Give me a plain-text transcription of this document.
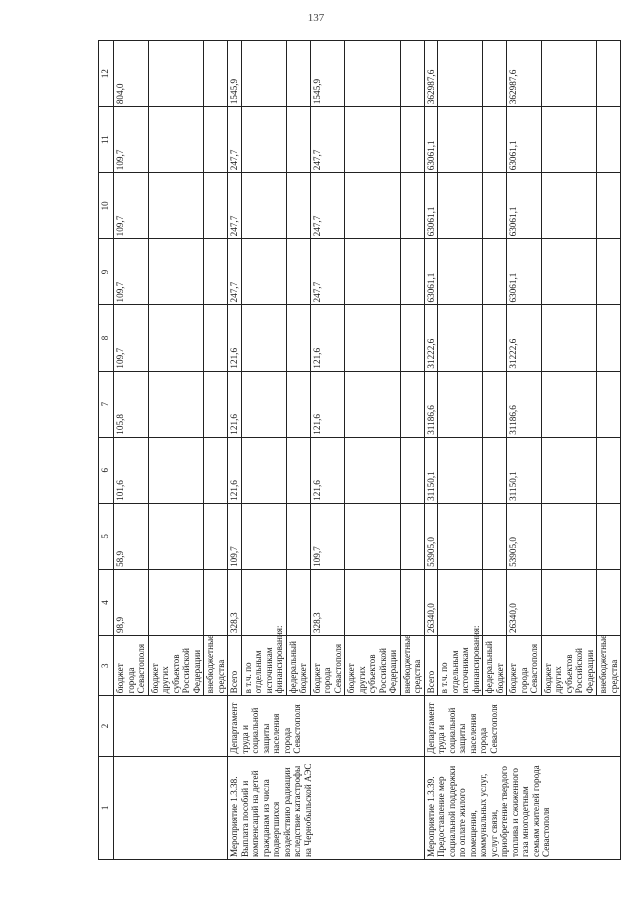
137
1	2	3	4	5	6	7	8	9	10	11	12
		бюджет города Севастополя	98,9	58,9	101,6	105,8	109,7	109,7	109,7	109,7	804,0
		бюджет других субъектов Российской Федерации									
		внебюджетные средства									
Мероприятие 1.3.38. Выплата пособий и компенсаций на детей гражданам из числа подвергшихся воздействию радиации вследствие катастрофы на Чернобыльской АЭС	Департамент труда и социальной защиты населения города Севастополя	Всего	328,3	109,7	121,6	121,6	121,6	247,7	247,7	247,7	1545,9
		в т.ч. по отдельным источникам финансирования:									
		федеральный бюджет									
		бюджет города Севастополя	328,3	109,7	121,6	121,6	121,6	247,7	247,7	247,7	1545,9
		бюджет других субъектов Российской Федерации									
		внебюджетные средства									
Мероприятие 1.3.39. Предоставление мер социальной поддержки по оплате жилого помещения, коммунальных услуг, услуг связи, приобретение твердого топлива и сжиженного газа многодетным семьям жителей города Севастополя	Департамент труда и социальной защиты населения города Севастополя	Всего	26340,0	53905,0	31150,1	31186,6	31222,6	63061,1	63061,1	63061,1	362987,6
		в т.ч. по отдельным источникам финансирования:									
		федеральный бюджет									
		бюджет города Севастополя	26340,0	53905,0	31150,1	31186,6	31222,6	63061,1	63061,1	63061,1	362987,6
		бюджет других субъектов Российской Федерации									
		внебюджетные средства									
